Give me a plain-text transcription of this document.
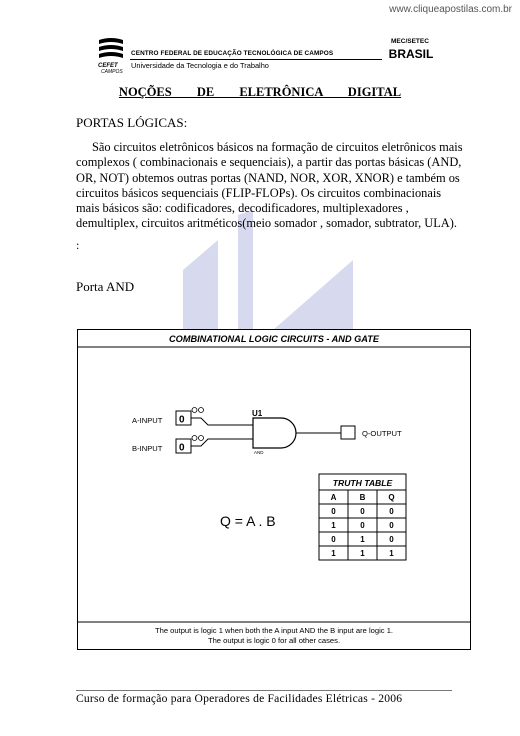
www.cliqueapostilas.com.br
CEFET
CAMPOS
CENTRO FEDERAL DE EDUCAÇÃO TECNOLÓGICA DE CAMPOS
Universidade da Tecnologia e do Trabalho
MEC/SETEC
BRASIL
NOÇÕES DE ELETRÔNICA DIGITAL
PORTAS LÓGICAS:

São circuitos eletrônicos básicos na formação de circuitos eletrônicos mais complexos ( combinacionais e sequenciais), a partir das portas básicas (AND, OR, NOT) obtemos outras portas (NAND, NOR, XOR, XNOR) e também os circuitos básicos sequenciais (FLIP-FLOPs). Os circuitos combinacionais mais básicos são: codificadores, decodificadores, multiplexadores , demultiplex, circuitos aritméticos(meio somador , somador, subtrator, ULA).

:
Porta AND
COMBINATIONAL LOGIC CIRCUITS - AND GATE
A-INPUT 0
B-INPUT 0
U1
AND
Q-OUTPUT
Q = A . B
TRUTH TABLE
A	B	Q
0	0	0
1	0	0
0	1	0
1	1	1
The output is logic 1 when both the A input AND the B input are logic 1.
The output is logic 0 for all other cases.
Curso de formação para Operadores de Facilidades Elétricas - 2006
